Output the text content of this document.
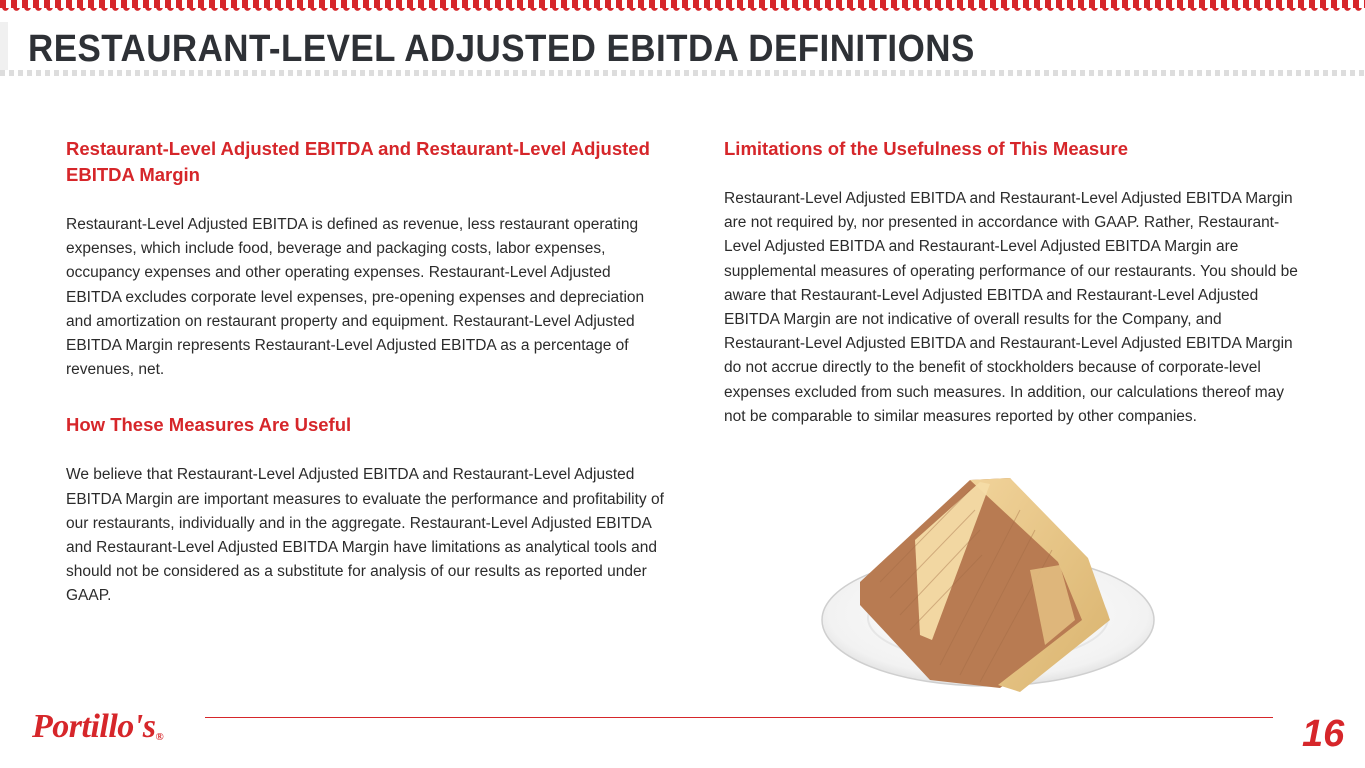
RESTAURANT-LEVEL ADJUSTED EBITDA DEFINITIONS
Restaurant-Level Adjusted EBITDA and Restaurant-Level Adjusted EBITDA Margin

Restaurant-Level Adjusted EBITDA is defined as revenue, less restaurant operating expenses, which include food, beverage and packaging costs, labor expenses, occupancy expenses and other operating expenses. Restaurant-Level Adjusted EBITDA excludes corporate level expenses, pre-opening expenses and depreciation and amortization on restaurant property and equipment. Restaurant-Level Adjusted EBITDA Margin represents Restaurant-Level Adjusted EBITDA as a percentage of revenues, net.

How These Measures Are Useful

We believe that Restaurant-Level Adjusted EBITDA and Restaurant-Level Adjusted EBITDA Margin are important measures to evaluate the performance and profitability of our restaurants, individually and in the aggregate. Restaurant-Level Adjusted EBITDA and Restaurant-Level Adjusted EBITDA Margin have limitations as analytical tools and should not be considered as a substitute for analysis of our results as reported under GAAP.

Limitations of the Usefulness of This Measure

Restaurant-Level Adjusted EBITDA and Restaurant-Level Adjusted EBITDA Margin are not required by, nor presented in accordance with GAAP. Rather, Restaurant-Level Adjusted EBITDA and Restaurant-Level Adjusted EBITDA Margin are supplemental measures of operating performance of our restaurants. You should be aware that Restaurant-Level Adjusted EBITDA and Restaurant-Level Adjusted EBITDA Margin are not indicative of overall results for the Company, and Restaurant-Level Adjusted EBITDA and Restaurant-Level Adjusted EBITDA Margin do not accrue directly to the benefit of stockholders because of corporate-level expenses excluded from such measures. In addition, our calculations thereof may not be comparable to similar measures reported by other companies.

Portillo's®	16
